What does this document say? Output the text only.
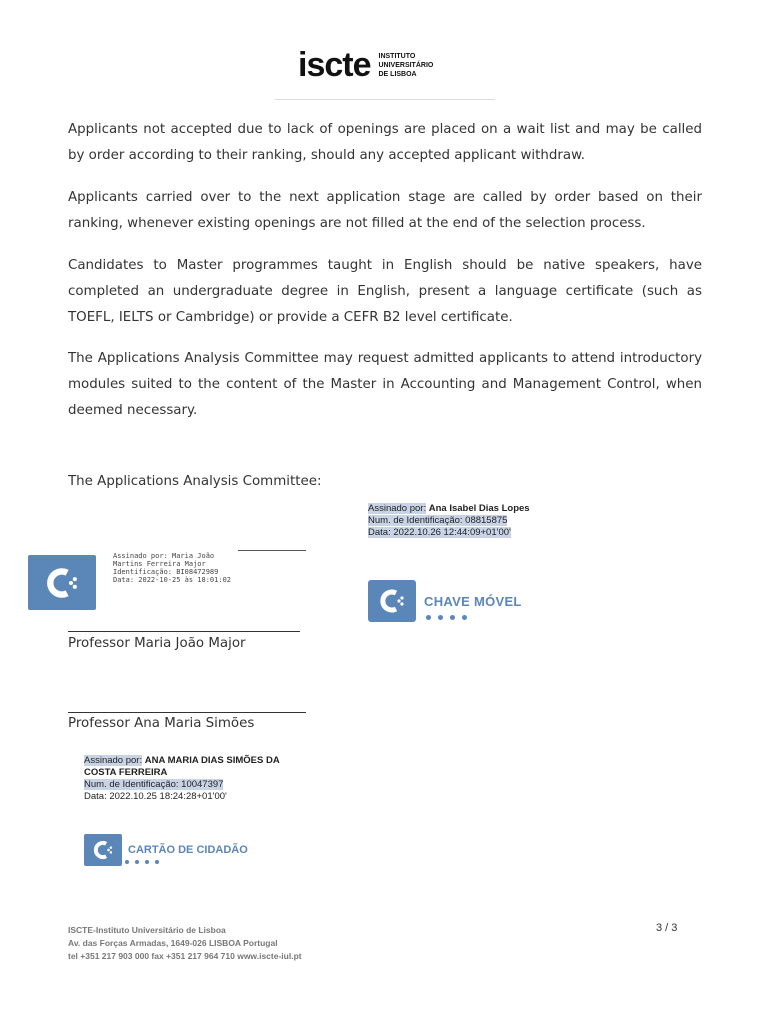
iscte INSTITUTO
UNIVERSITÁRIO
DE LISBOA
Applicants not accepted due to lack of openings are placed on a wait list and may be called by order according to their ranking, should any accepted applicant withdraw.
Applicants carried over to the next application stage are called by order based on their ranking, whenever existing openings are not filled at the end of the selection process.
Candidates to Master programmes taught in English should be native speakers, have completed an undergraduate degree in English, present a language certificate (such as TOEFL, IELTS or Cambridge) or provide a CEFR B2 level certificate.
The Applications Analysis Committee may request admitted applicants to attend introductory modules suited to the content of the Master in Accounting and Management Control, when deemed necessary.
The Applications Analysis Committee:
Assinado por: Ana Isabel Dias Lopes
Num. de Identificação: 08815875
Data: 2022.10.26 12:44:09+01'00'
CHAVE MÓVEL
Assinado por: Maria João
Martins Ferreira Major
Identificação: BI08472989
Data: 2022-10-25 às 18:01:02
Professor Maria João Major
Professor Ana Maria Simões
Assinado por: ANA MARIA DIAS SIMÕES DA COSTA FERREIRA
Num. de Identificação: 10047397
Data: 2022.10.25 18:24:28+01'00'
CARTÃO DE CIDADÃO
ISCTE-Instituto Universitário de Lisboa
Av. das Forças Armadas, 1649-026 LISBOA Portugal
tel +351 217 903 000 fax +351 217 964 710 www.iscte-iul.pt
3 / 3
